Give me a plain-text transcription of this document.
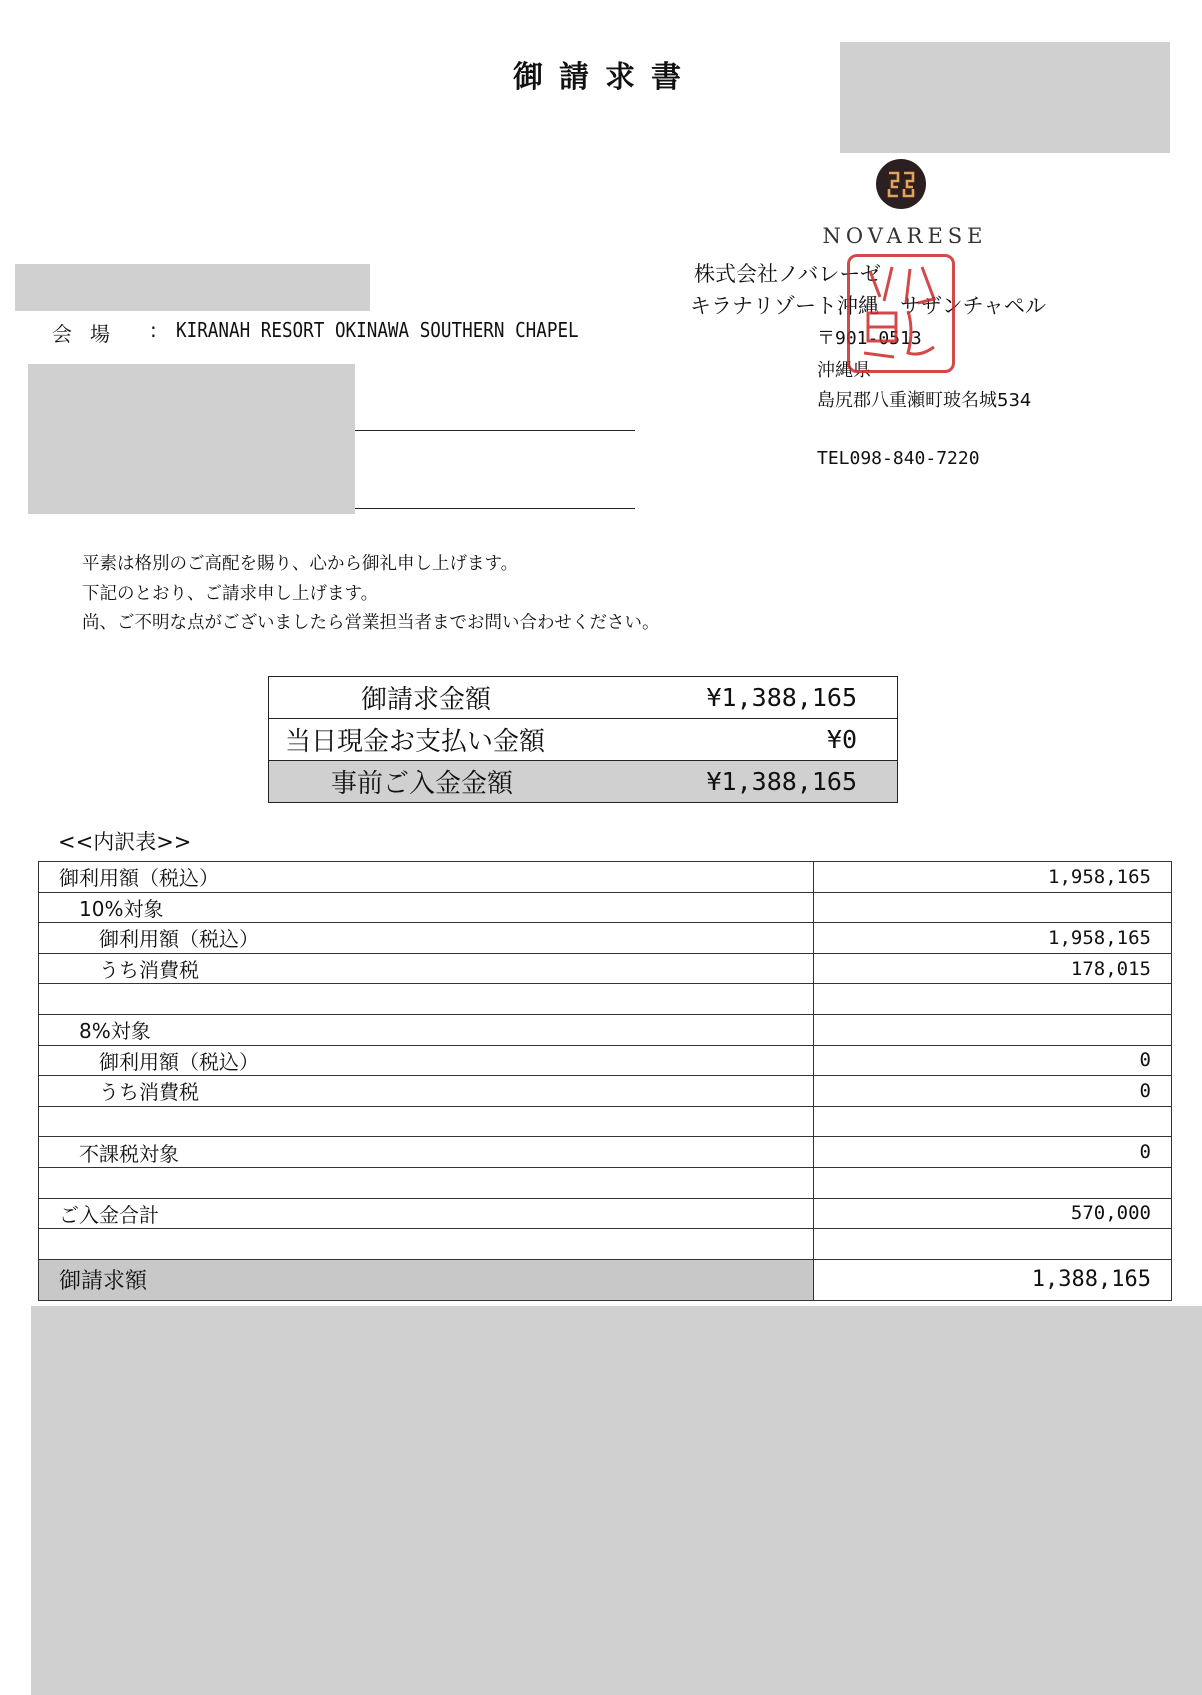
御請求書
NOVARESE
株式会社ノバレーゼ
キラナリゾート沖縄　サザンチャペル
〒901-0513
沖縄県
島尻郡八重瀬町玻名城534
TEL098-840-7220
会場 : KIRANAH RESORT OKINAWA SOUTHERN CHAPEL
平素は格別のご高配を賜り、心から御礼申し上げます。
下記のとおり、ご請求申し上げます。
尚、ご不明な点がございましたら営業担当者までお問い合わせください。
御請求金額	¥1,388,165
当日現金お支払い金額	¥0
事前ご入金金額	¥1,388,165
<<内訳表>>
御利用額（税込）	1,958,165
10%対象	
御利用額（税込）	1,958,165
うち消費税	178,015

8%対象	
御利用額（税込）	0
うち消費税	0

不課税対象	0

ご入金合計	570,000

御請求額	1,388,165
